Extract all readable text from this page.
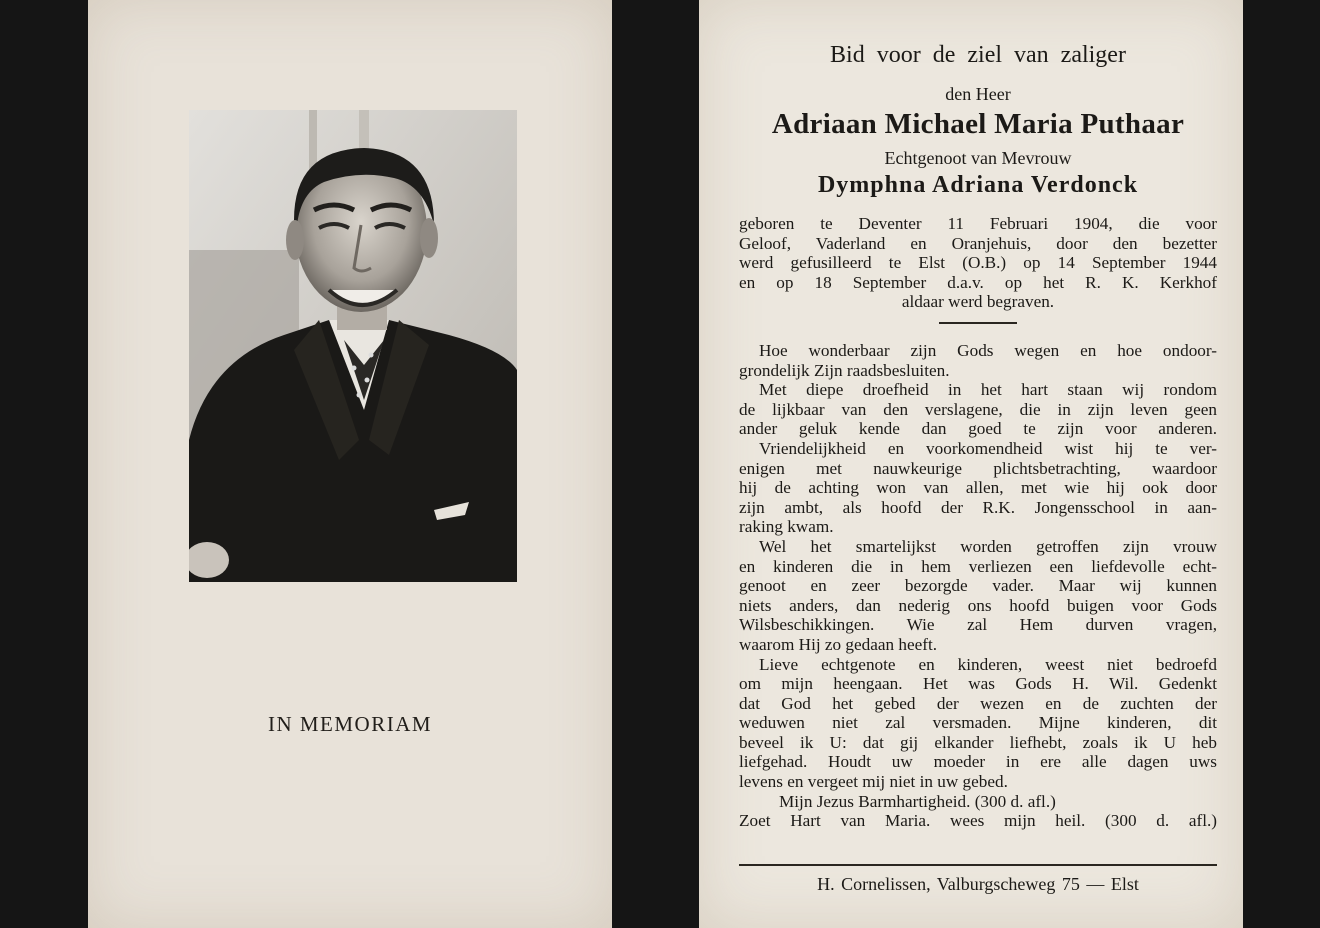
IN MEMORIAM
Bid voor de ziel van zaliger
den Heer
Adriaan Michael Maria Puthaar
Echtgenoot van Mevrouw
Dymphna Adriana Verdonck
geboren te Deventer 11 Februari 1904, die voor
Geloof, Vaderland en Oranjehuis, door den bezetter
werd gefusilleerd te Elst (O.B.) op 14 September 1944
en op 18 September d.a.v. op het R. K. Kerkhof
aldaar werd begraven.
Hoe wonderbaar zijn Gods wegen en hoe ondoor-
grondelijk Zijn raadsbesluiten.
Met diepe droefheid in het hart staan wij rondom
de lijkbaar van den verslagene, die in zijn leven geen
ander geluk kende dan goed te zijn voor anderen.
Vriendelijkheid en voorkomendheid wist hij te ver-
enigen met nauwkeurige plichtsbetrachting, waardoor
hij de achting won van allen, met wie hij ook door
zijn ambt, als hoofd der R.K. Jongensschool in aan-
raking kwam.
Wel het smartelijkst worden getroffen zijn vrouw
en kinderen die in hem verliezen een liefdevolle echt-
genoot en zeer bezorgde vader. Maar wij kunnen
niets anders, dan nederig ons hoofd buigen voor Gods
Wilsbeschikkingen. Wie zal Hem durven vragen,
waarom Hij zo gedaan heeft.
Lieve echtgenote en kinderen, weest niet bedroefd
om mijn heengaan. Het was Gods H. Wil. Gedenkt
dat God het gebed der wezen en de zuchten der
weduwen niet zal versmaden. Mijne kinderen, dit
beveel ik U: dat gij elkander liefhebt, zoals ik U heb
liefgehad. Houdt uw moeder in ere alle dagen uws
levens en vergeet mij niet in uw gebed.
Mijn Jezus Barmhartigheid. (300 d. afl.)
Zoet Hart van Maria. wees mijn heil. (300 d. afl.)
H. Cornelissen, Valburgscheweg 75 — Elst
